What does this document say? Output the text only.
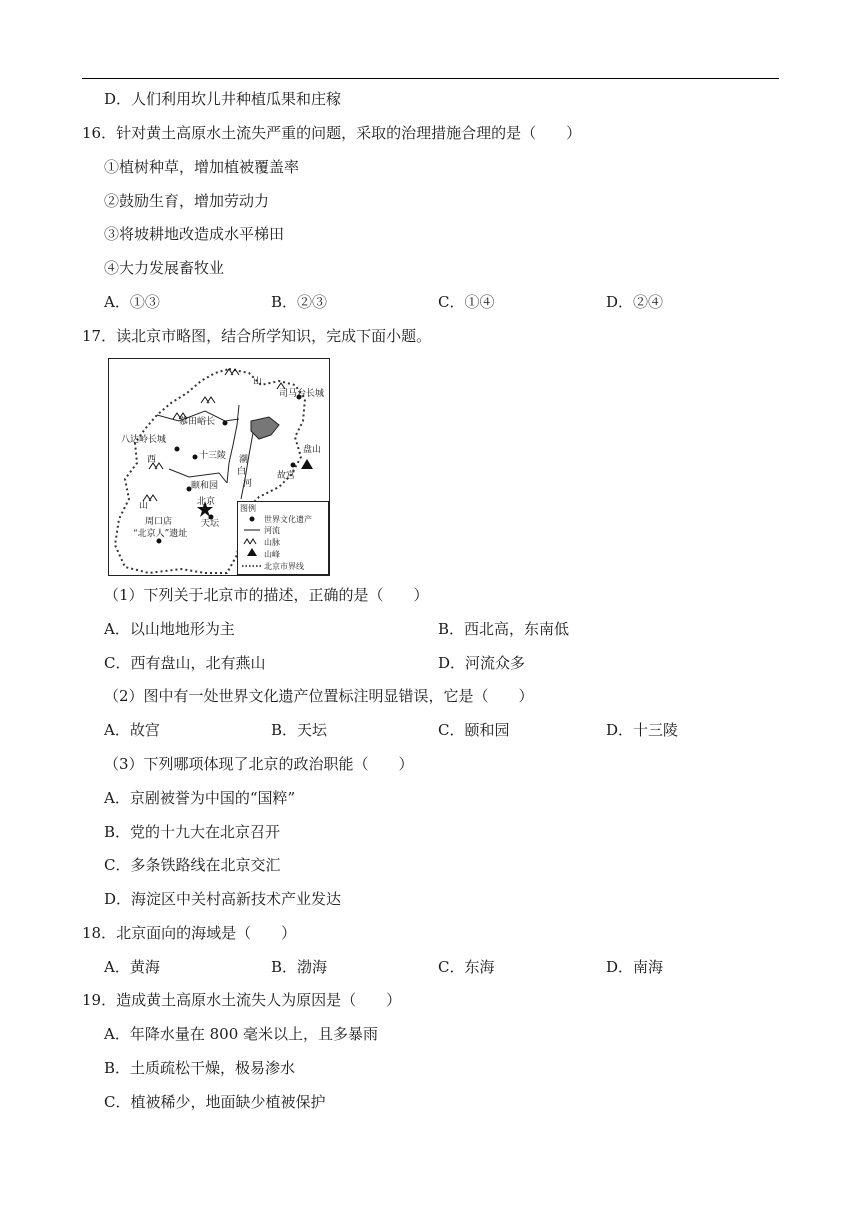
D．人们利用坎儿井种植瓜果和庄稼
16．针对黄土高原水土流失严重的问题，采取的治理措施合理的是（　　）
①植树种草，增加植被覆盖率
②鼓励生育，增加劳动力
③将坡耕地改造成水平梯田
④大力发展畜牧业
A．①③	B．②③	C．①④	D．②④
17．读北京市略图，结合所学知识，完成下面小题。
山
司马台长城
慕田峪长
八达岭长城
西	十三陵 潮
白
河
盘山
故宫
颐和园
北京
山
天坛
周口店
“北京人”遗址
图例
世界文化遗产
河流
山脉
山峰
北京市界线
（1）下列关于北京市的描述，正确的是（　　）
A．以山地地形为主	B．西北高，东南低
C．西有盘山，北有燕山	D．河流众多
（2）图中有一处世界文化遗产位置标注明显错误，它是（　　）
A．故宫	B．天坛	C．颐和园	D．十三陵
（3）下列哪项体现了北京的政治职能（　　）
A．京剧被誉为中国的“国粹”
B．党的十九大在北京召开
C．多条铁路线在北京交汇
D．海淀区中关村高新技术产业发达
18．北京面向的海域是（　　）
A．黄海	B．渤海	C．东海	D．南海
19．造成黄土高原水土流失人为原因是（　　）
A．年降水量在 800 毫米以上，且多暴雨
B．土质疏松干燥，极易渗水
C．植被稀少，地面缺少植被保护
